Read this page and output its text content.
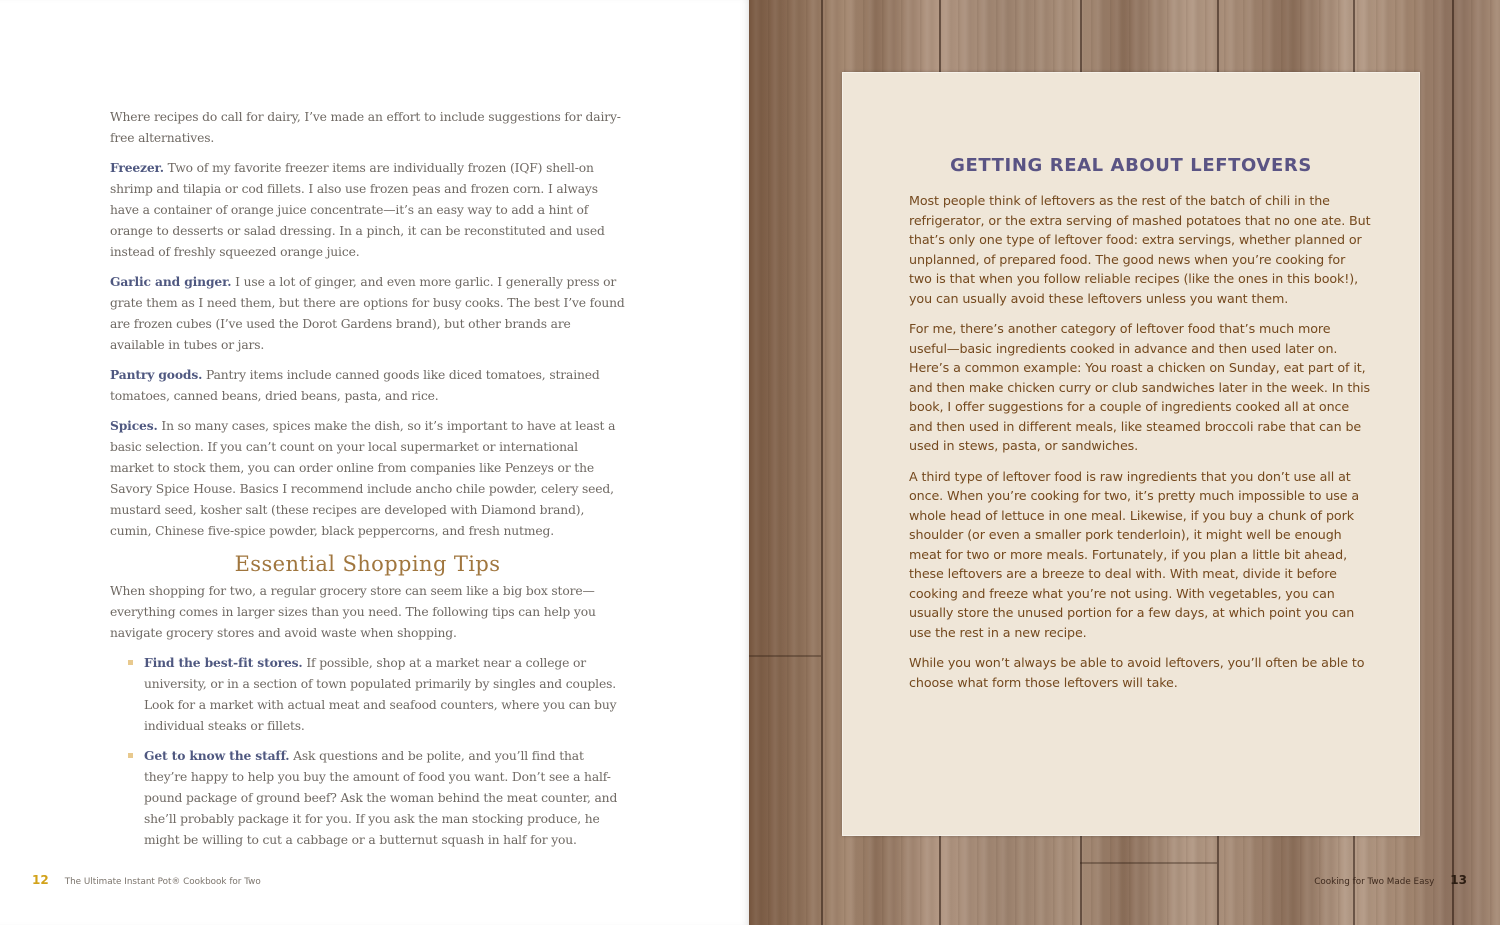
Where recipes do call for dairy, I’ve made an effort to include suggestions for dairy-free alternatives.

Freezer. Two of my favorite freezer items are individually frozen (IQF) shell-on shrimp and tilapia or cod fillets. I also use frozen peas and frozen corn. I always have a container of orange juice concentrate—it’s an easy way to add a hint of orange to desserts or salad dressing. In a pinch, it can be reconstituted and used instead of freshly squeezed orange juice.

Garlic and ginger. I use a lot of ginger, and even more garlic. I generally press or grate them as I need them, but there are options for busy cooks. The best I’ve found are frozen cubes (I’ve used the Dorot Gardens brand), but other brands are available in tubes or jars.

Pantry goods. Pantry items include canned goods like diced tomatoes, strained tomatoes, canned beans, dried beans, pasta, and rice.

Spices. In so many cases, spices make the dish, so it’s important to have at least a basic selection. If you can’t count on your local supermarket or international market to stock them, you can order online from companies like Penzeys or the Savory Spice House. Basics I recommend include ancho chile powder, celery seed, mustard seed, kosher salt (these recipes are developed with Diamond brand), cumin, Chinese five-spice powder, black peppercorns, and fresh nutmeg.

Essential Shopping Tips

When shopping for two, a regular grocery store can seem like a big box store—everything comes in larger sizes than you need. The following tips can help you navigate grocery stores and avoid waste when shopping.

Find the best-fit stores. If possible, shop at a market near a college or university, or in a section of town populated primarily by singles and couples. Look for a market with actual meat and seafood counters, where you can buy individual steaks or fillets.
Get to know the staff. Ask questions and be polite, and you’ll find that they’re happy to help you buy the amount of food you want. Don’t see a half-pound package of ground beef? Ask the woman behind the meat counter, and she’ll probably package it for you. If you ask the man stocking produce, he might be willing to cut a cabbage or a butternut squash in half for you.
12 The Ultimate Instant Pot® Cookbook for Two
GETTING REAL ABOUT LEFTOVERS

Most people think of leftovers as the rest of the batch of chili in the refrigerator, or the extra serving of mashed potatoes that no one ate. But that’s only one type of leftover food: extra servings, whether planned or unplanned, of prepared food. The good news when you’re cooking for two is that when you follow reliable recipes (like the ones in this book!), you can usually avoid these leftovers unless you want them.

For me, there’s another category of leftover food that’s much more useful—basic ingredients cooked in advance and then used later on. Here’s a common example: You roast a chicken on Sunday, eat part of it, and then make chicken curry or club sandwiches later in the week. In this book, I offer suggestions for a couple of ingredients cooked all at once and then used in different meals, like steamed broccoli rabe that can be used in stews, pasta, or sandwiches.

A third type of leftover food is raw ingredients that you don’t use all at once. When you’re cooking for two, it’s pretty much impossible to use a whole head of lettuce in one meal. Likewise, if you buy a chunk of pork shoulder (or even a smaller pork tenderloin), it might well be enough meat for two or more meals. Fortunately, if you plan a little bit ahead, these leftovers are a breeze to deal with. With meat, divide it before cooking and freeze what you’re not using. With vegetables, you can usually store the unused portion for a few days, at which point you can use the rest in a new recipe.

While you won’t always be able to avoid leftovers, you’ll often be able to choose what form those leftovers will take.

Cooking for Two Made Easy 13
